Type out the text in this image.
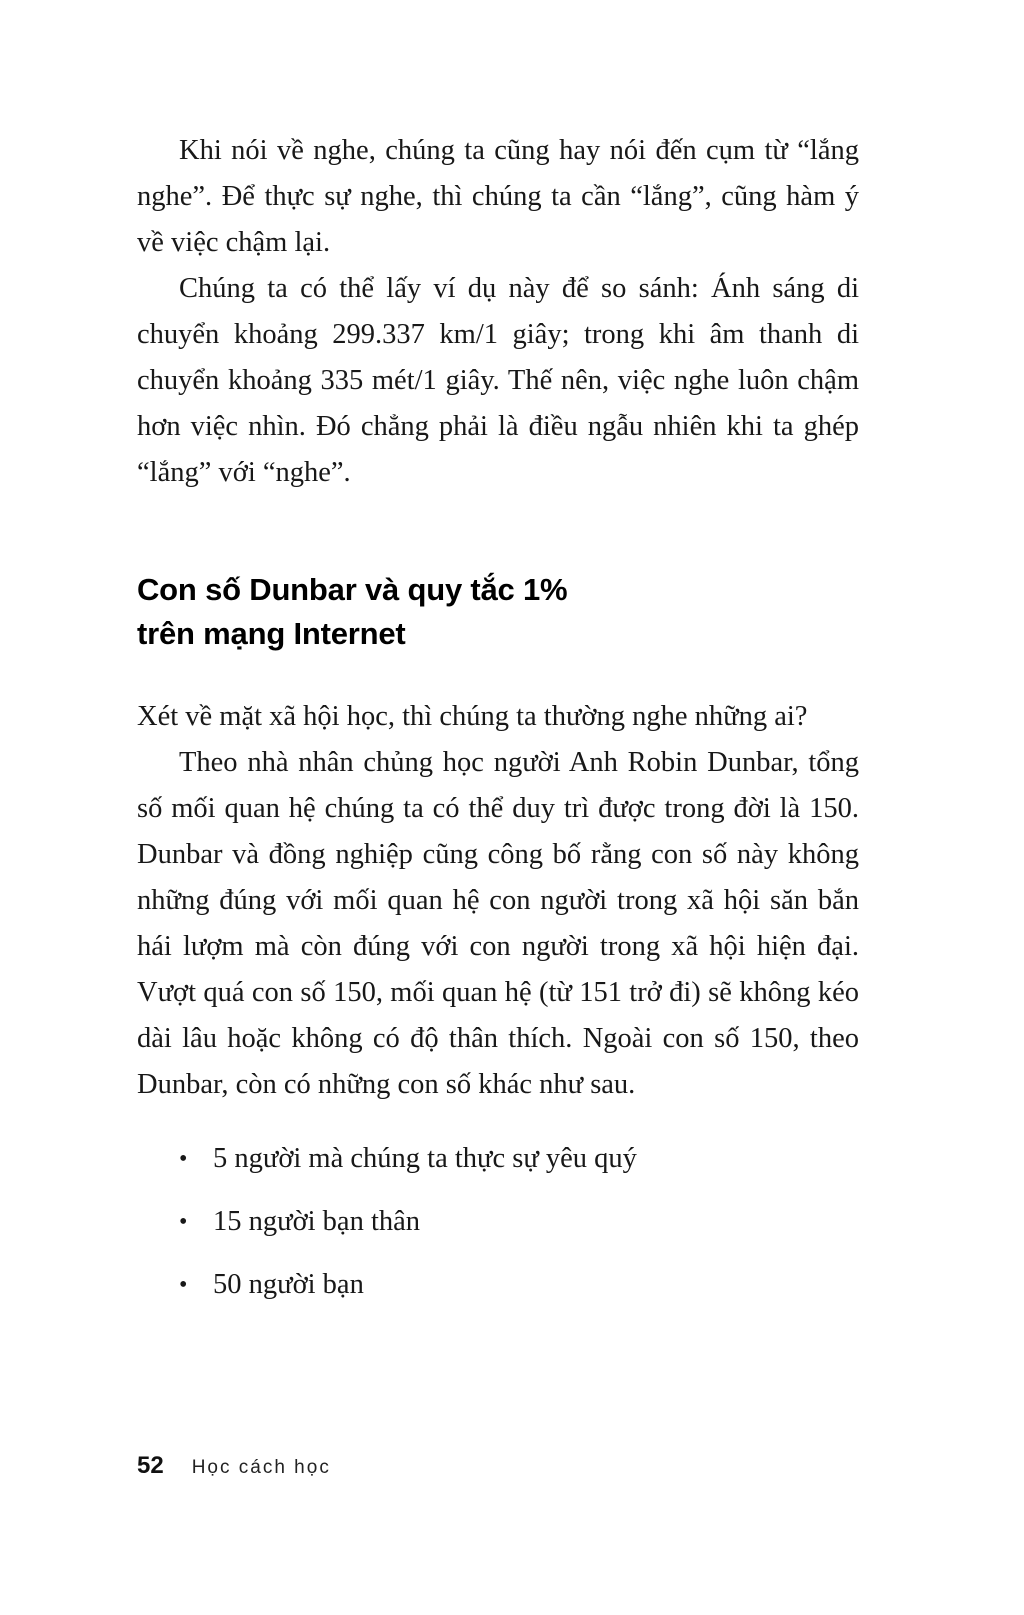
Khi nói về nghe, chúng ta cũng hay nói đến cụm từ “lắng nghe”. Để thực sự nghe, thì chúng ta cần “lắng”, cũng hàm ý về việc chậm lại.

Chúng ta có thể lấy ví dụ này để so sánh: Ánh sáng di chuyển khoảng 299.337 km/1 giây; trong khi âm thanh di chuyển khoảng 335 mét/1 giây. Thế nên, việc nghe luôn chậm hơn việc nhìn. Đó chẳng phải là điều ngẫu nhiên khi ta ghép “lắng” với “nghe”.

Con số Dunbar và quy tắc 1%
trên mạng Internet

Xét về mặt xã hội học, thì chúng ta thường nghe những ai?

Theo nhà nhân chủng học người Anh Robin Dunbar, tổng số mối quan hệ chúng ta có thể duy trì được trong đời là 150. Dunbar và đồng nghiệp cũng công bố rằng con số này không những đúng với mối quan hệ con người trong xã hội săn bắn hái lượm mà còn đúng với con người trong xã hội hiện đại. Vượt quá con số 150, mối quan hệ (từ 151 trở đi) sẽ không kéo dài lâu hoặc không có độ thân thích. Ngoài con số 150, theo Dunbar, còn có những con số khác như sau.

• 5 người mà chúng ta thực sự yêu quý
• 15 người bạn thân
• 50 người bạn
52 Học cách học
